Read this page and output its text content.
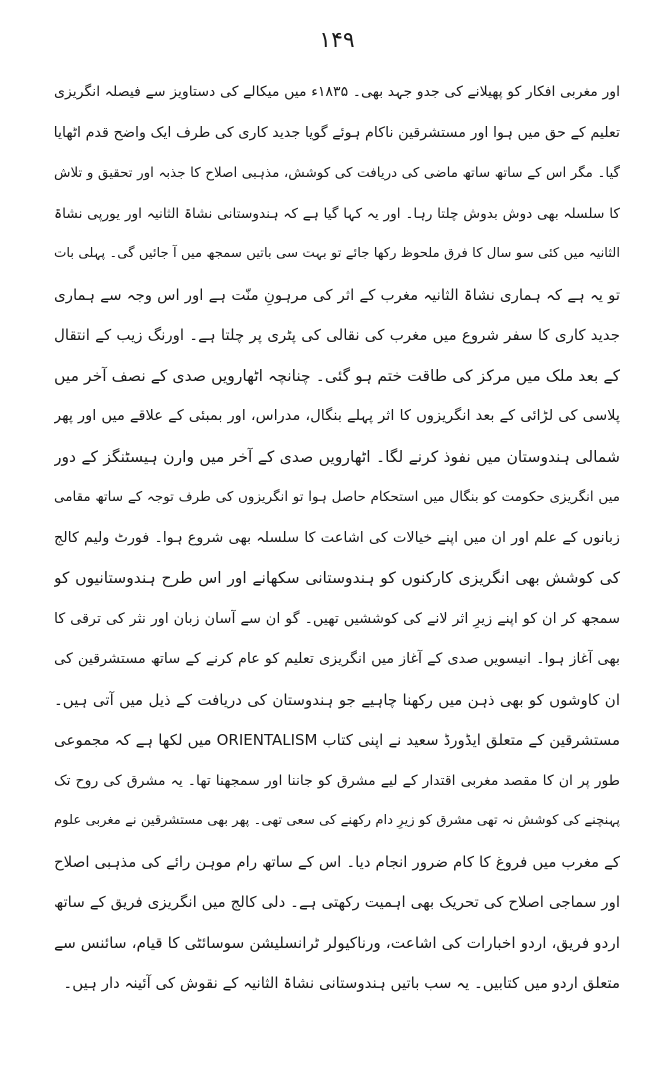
۱۴۹
اور مغربی افکار کو پھیلانے کی جدو جہد بھی۔ ۱۸۳۵ء میں میکالے کی دستاویز سے فیصلہ انگریزی
تعلیم کے حق میں ہوا اور مستشرقین ناکام ہوئے گویا جدید کاری کی طرف ایک واضح قدم اٹھایا
گیا۔ مگر اس کے ساتھ ساتھ ماضی کی دریافت کی کوشش، مذہبی اصلاح کا جذبہ اور تحقیق و تلاش
کا سلسلہ بھی دوش بدوش چلتا رہا۔ اور یہ کہا گیا ہے کہ ہندوستانی نشاۃ الثانیہ اور یورپی نشاۃ
الثانیہ میں کئی سو سال کا فرق ملحوظ رکھا جائے تو بہت سی باتیں سمجھ میں آ جائیں گی۔ پہلی بات
تو یہ ہے کہ ہماری نشاۃ الثانیہ مغرب کے اثر کی مرہونِ منّت ہے اور اس وجہ سے ہماری
جدید کاری کا سفر شروع میں مغرب کی نقالی کی پٹری پر چلتا ہے۔ اورنگ زیب کے انتقال
کے بعد ملک میں مرکز کی طاقت ختم ہو گئی۔ چنانچہ اٹھارویں صدی کے نصف آخر میں
پلاسی کی لڑائی کے بعد انگریزوں کا اثر پہلے بنگال، مدراس، اور بمبئی کے علاقے میں اور پھر
شمالی ہندوستان میں نفوذ کرنے لگا۔ اٹھارویں صدی کے آخر میں وارن ہیسٹنگز کے دور
میں انگریزی حکومت کو بنگال میں استحکام حاصل ہوا تو انگریزوں کی طرف توجہ کے ساتھ مقامی
زبانوں کے علم اور ان میں اپنے خیالات کی اشاعت کا سلسلہ بھی شروع ہوا۔ فورٹ ولیم کالج
کی کوشش بھی انگریزی کارکنوں کو ہندوستانی سکھانے اور اس طرح ہندوستانیوں کو
سمجھ کر ان کو اپنے زیرِ اثر لانے کی کوششیں تھیں۔ گو ان سے آسان زبان اور نثر کی ترقی کا
بھی آغاز ہوا۔ انیسویں صدی کے آغاز میں انگریزی تعلیم کو عام کرنے کے ساتھ مستشرقین کی
ان کاوشوں کو بھی ذہن میں رکھنا چاہیے جو ہندوستان کی دریافت کے ذیل میں آتی ہیں۔
مستشرقین کے متعلق ایڈورڈ سعید نے اپنی کتاب ORIENTALISM میں لکھا ہے کہ مجموعی
طور پر ان کا مقصد مغربی اقتدار کے لیے مشرق کو جاننا اور سمجھنا تھا۔ یہ مشرق کی روح تک
پہنچنے کی کوشش نہ تھی مشرق کو زیرِ دام رکھنے کی سعی تھی۔ پھر بھی مستشرقین نے مغربی علوم
کے مغرب میں فروغ کا کام ضرور انجام دیا۔ اس کے ساتھ رام موہن رائے کی مذہبی اصلاح
اور سماجی اصلاح کی تحریک بھی اہمیت رکھتی ہے۔ دلی کالج میں انگریزی فریق کے ساتھ
اردو فریق، اردو اخبارات کی اشاعت، ورناکیولر ٹرانسلیشن سوسائٹی کا قیام، سائنس سے
متعلق اردو میں کتابیں۔ یہ سب باتیں ہندوستانی نشاۃ الثانیہ کے نقوش کی آئینہ دار ہیں۔
